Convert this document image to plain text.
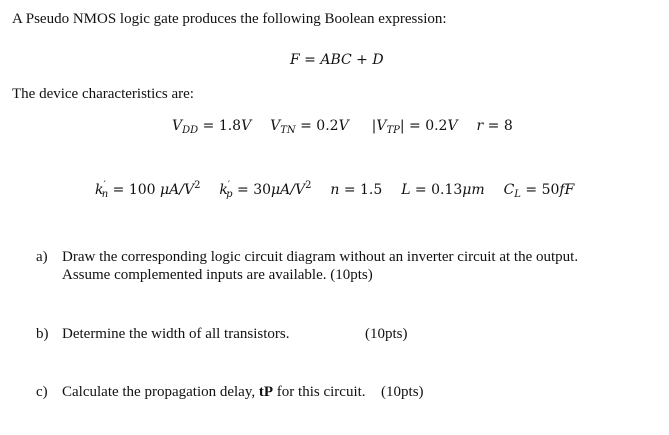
A Pseudo NMOS logic gate produces the following Boolean expression:
F = ABC + D
The device characteristics are:
$V_{DD} = 1.8V$ $V_{TN} = 0.2V$ $|V_{TP}| = 0.2V$ r = 8
$k'_n = 100$ $\mu A/V^2$ $k'_p = 30\mu A/V^2$ n = 1.5 L = 0.13μm $C_L = 50fF$
a) Draw the corresponding logic circuit diagram without an inverter circuit at the output.
Assume complemented inputs are available. (10pts)
b) Determine the width of all transistors.	(10pts)
c) Calculate the propagation delay, tP for this circuit. (10pts)
